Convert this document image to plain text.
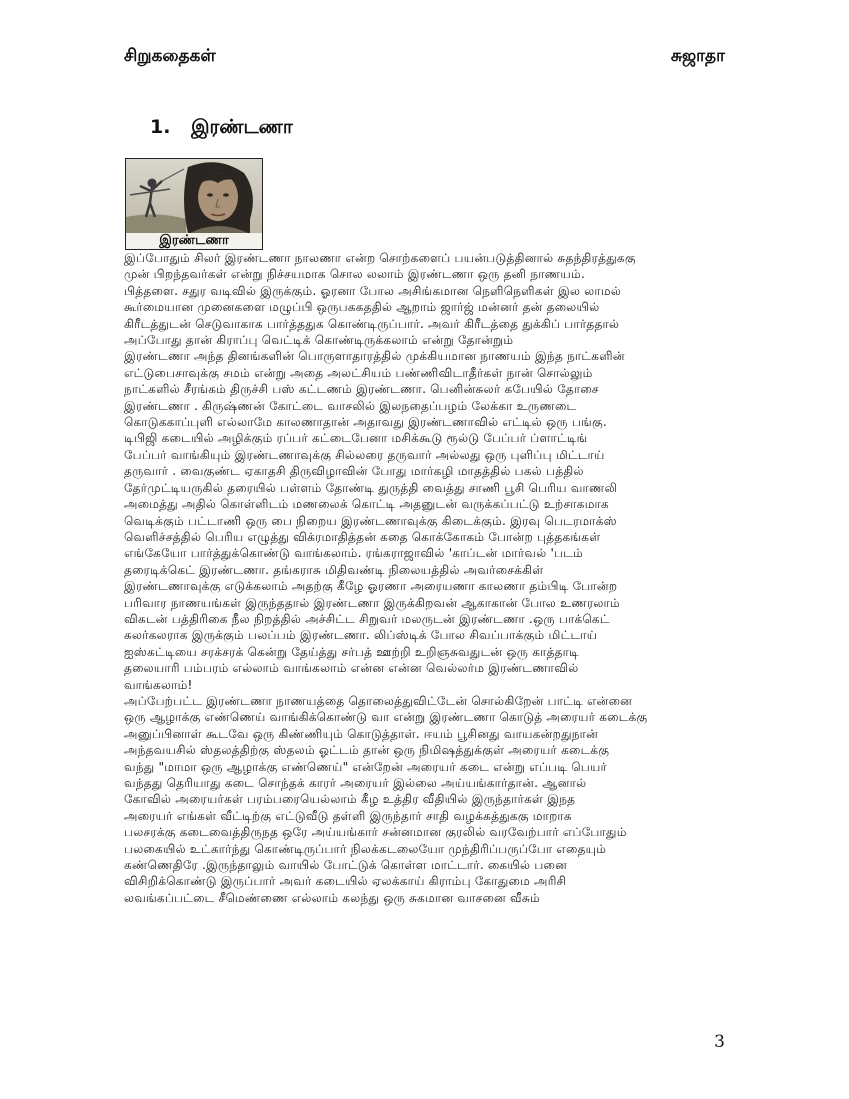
சிறுகதைகள்	சுஜாதா
1. இரண்டணா
இரண்டணா

இப்போதும் சிலர் இரண்டணா நாலணா என்ற சொற்களைப் பயன்படுத்தினால் சுதந்திரத்துககு

முன் பிறந்தவர்கள் என்று நிச்சயமாக சொல லலாம் இரண்டணா ஒரு தனி நாணயம்.

பித்தளை. சதுர வடிவில் இருக்கும். ஓரனா போல அசிங்கமான நெளிநெளிகள் இல லாமல்

கூர்மையான முனைகளை மழுப்பி ஒருபககததில் ஆறாம் ஜார்ஜ் மன்னர் தன் தலையில்

கிரீடத்துடன் செடுவாகாக பார்த்ததுக கொண்டிருப்பார். அவர் கிரீடத்தை துக்கிப் பார்ததால்

அப்போது தான் கிராப்பு வெட்டிக் கொண்டிருக்கலாம் என்று தோன்றும்

இரண்டணா அந்த தினங்களின் பொருளாதாரத்தில் முக்கியமான நாணயம் இந்த நாட்களின்

எட்டுபைசாவுக்கு சமம் என்று அதை அலட்சியம் பண்ணிவிடாதீர்கள் நான் சொல்லும்

நாட்களில் சீரங்கம் திருச்சி பஸ் கட்டணம் இரண்டணா. பெனின்சுலர் கபேயில் தோசை

இரண்டணா . கிருஷ்ணன் கோட்டை வாசலில் இலநதைப்பழம் லேக்கா உருணடை

கொடுககாப்புளி எல்லாமே காலணாதான் அதாவது இரண்டணாவில் எட்டில் ஒரு பங்கு.

டிபிஜி கடையில் அழிக்கும் ரப்பர் கட்டைபேனா மசிக்கூடு ரூல்டு பேப்பர் ப்ளாட்டிங்

பேப்பர் வாங்கியும் இரண்டணாவுக்கு சில்லரை தருவார் அல்லது ஒரு புளிப்பு மிட்டாய்

தருவார் . வைகுண்ட ஏகாதசி திருவிழாவின் போது மார்கழி மாதத்தில் பகல் பத்தில்

தேர்முட்டியருகில் தரையில் பள்ளம் தோண்டி துருத்தி வைத்து சாணி பூசி பெரிய வாணலி

அமைத்து அதில் கொள்ளிடம் மணலைக் கொட்டி அதனுடன் வருக்கப்பட்டு உற்சாகமாக

வெடிக்கும் பட்டாணி ஒரு பை நிறைய இரண்டணாவுக்கு கிடைக்கும். இரவு பெடரமாக்ஸ்

வெளிச்சத்தில் பெரிய எழுத்து விக்ரமாதித்தன் கதை கொக்கோகம் போன்ற புத்தகங்கள்

எங்கேயோ பார்த்துக்கொண்டு வாங்கலாம். ரங்கராஜாவில் 'காப்டன் மார்வல் 'படம்

தரைடிக்கெட் இரண்டணா. தங்கராசு மிதிவண்டி நிலையத்தில் அவர்சைக்கிள்

இரண்டணாவுக்கு எடுக்கலாம் அதற்கு கீழே ஓரணா அரையணா காலணா தம்பிடி போன்ற

பரிவார நாணயங்கள் இருந்ததால் இரண்டணா இருக்கிறவன் ஆகாகான் போல உணரலாம்

விகடன் பத்திரிகை நீல நிறத்தில் அச்சிட்ட சிறுவர் மலருடன் இரண்டணா .ஒரு பாக்கெட்

கலர்கலராக இருக்கும் பலப்பம் இரண்டணா. லிப்ஸ்டிக் போல சிவப்பாக்கும் மிட்டாய்

ஐஸ்கட்டியை சரக்சரக் கென்று தேய்த்து சர்பத் ஊற்றி உறிஞசுவதுடன் ஒரு காத்தாடி

தலையாரி பம்பரம் எல்லாம் வாங்கலாம் என்ன என்ன வெல்லர்ம இரண்டணாவில்

வாங்கலாம்!

அப்பேற்பட்ட இரண்டணா நாணயத்தை தொலைத்துவிட்டேன் சொல்கிறேன் பாட்டி என்னை

ஒரு ஆழாக்கு எண்ணெய் வாங்கிக்கொண்டு வா என்று இரண்டணா கொடுத் அரையர் கடைக்கு

அனுப்பினாள் கூடவே ஒரு கிண்ணியும் கொடுத்தாள். ஈயம் பூசினது வாயகன்றதுநான்

அந்தவயசில் ஸ்தலத்திற்கு ஸ்தலம் ஓட்டம் தான் ஒரு நிமிஷத்துக்குள் அரையர் கடைக்கு

வந்து "மாமா ஒரு ஆழாக்கு எண்ணெய்" என்றேன் அரையர் கடை என்று எப்படி பெயர்

வந்தது தெரியாது கடை சொந்தக் காரர் அரையர் இல்லை அய்யங்கார்தான். ஆனால்

கோவில் அரையர்கள் பரம்பரையெல்லாம் கீழ உத்திர வீதியில் இருந்தார்கள் இநத

அரையர் எங்கள் வீட்டிற்கு எட்டுவீடு தள்ளி இருந்தார் சாதி வழக்கத்துககு மாறாக

பலசரக்கு கடைவைத்திருநத ஒரே அய்யங்கார் சன்னமான குரலில் வரவேற்பார் எப்போதும்

பலகையில் உட்கார்ந்து கொண்டிருப்பார் நிலக்கடலையோ முந்திரிப்பருப்போ எதையும்

கண்ணெதிரே .இருந்தாலும் வாயில் போட்டுக் கொள்ள மாட்டார். கையில் பனை

விசிறிக்கொண்டு இருப்பார் அவர் கடையில் ஏலக்காய் கிராம்பு கோதுமை அரிசி

லவங்கப்பட்டை சீமெண்ணை எல்லாம் கலந்து ஒரு சுகமான வாசனை வீசும்

3
